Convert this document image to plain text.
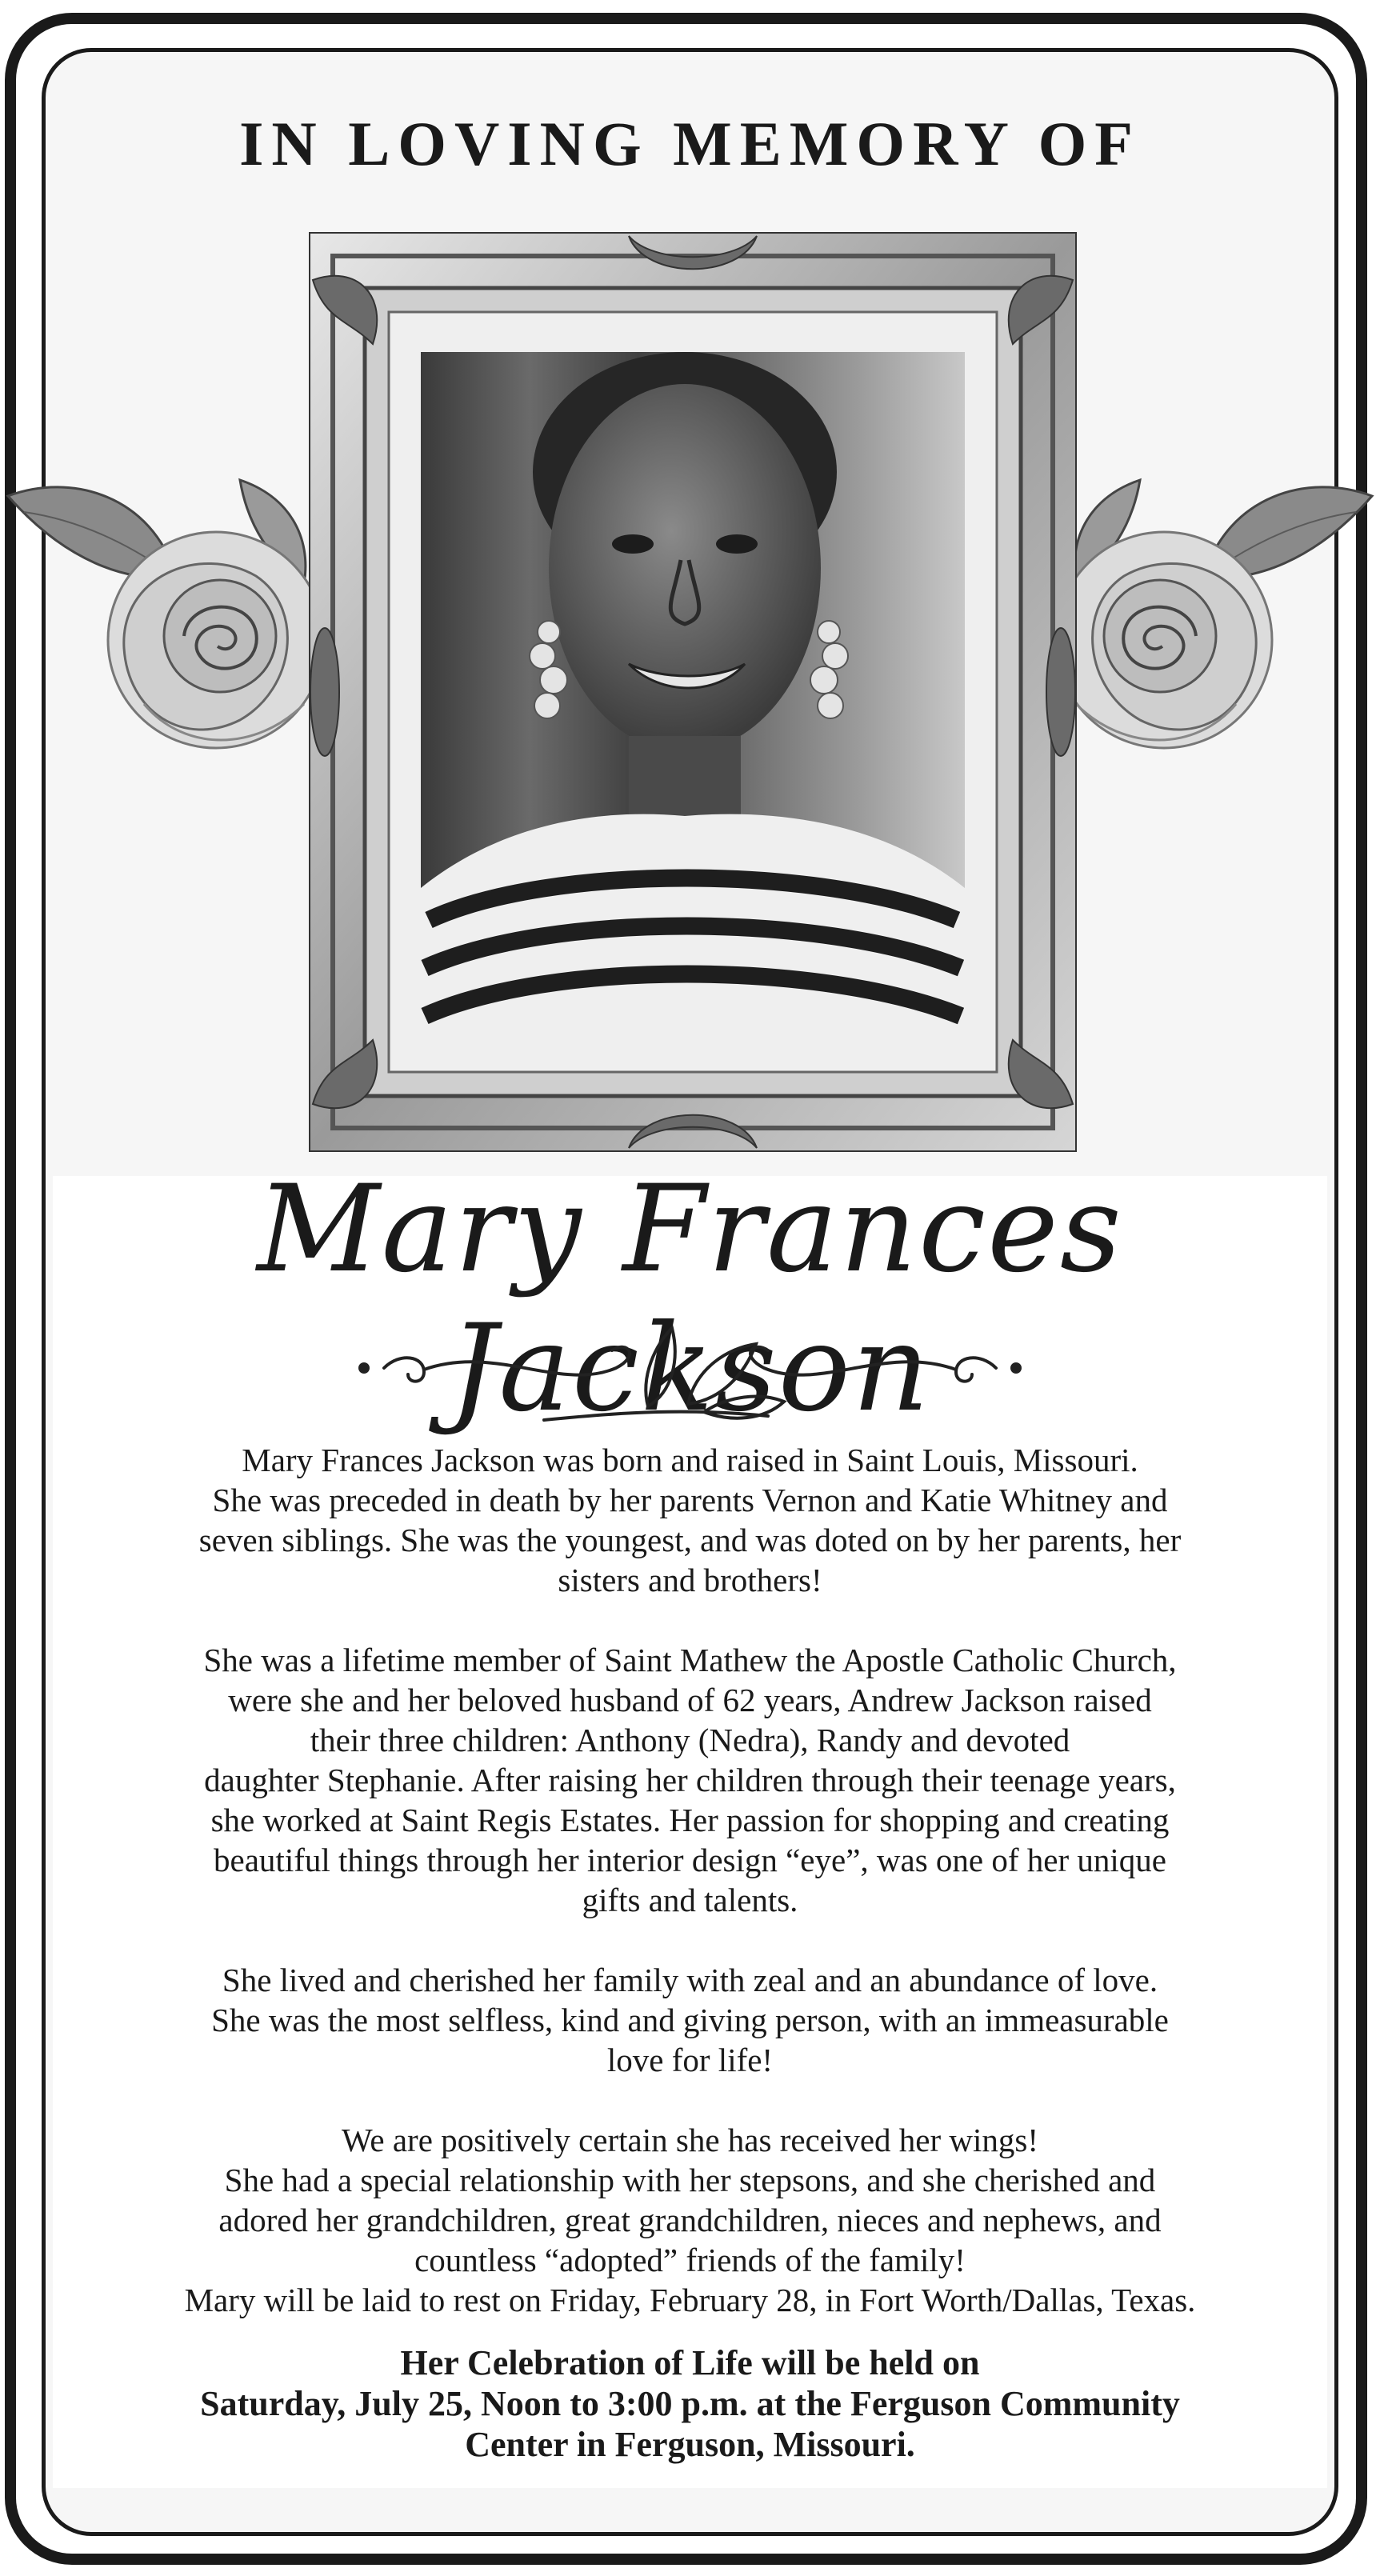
IN LOVING MEMORY OF
Mary Frances Jackson

Mary Frances Jackson was born and raised in Saint Louis, Missouri.
She was preceded in death by her parents Vernon and Katie Whitney and
seven siblings. She was the youngest, and was doted on by her parents, her
sisters and brothers!

She was a lifetime member of Saint Mathew the Apostle Catholic Church,
were she and her beloved husband of 62 years, Andrew Jackson raised
their three children: Anthony (Nedra), Randy and devoted
daughter Stephanie. After raising her children through their teenage years,
she worked at Saint Regis Estates. Her passion for shopping and creating
beautiful things through her interior design “eye”, was one of her unique
gifts and talents.

She lived and cherished her family with zeal and an abundance of love.
She was the most selfless, kind and giving person, with an immeasurable
love for life!

We are positively certain she has received her wings!
She had a special relationship with her stepsons, and she cherished and
adored her grandchildren, great grandchildren, nieces and nephews, and
countless “adopted” friends of the family!
Mary will be laid to rest on Friday, February 28, in Fort Worth/Dallas, Texas.

Her Celebration of Life will be held on
Saturday, July 25, Noon to 3:00 p.m. at the Ferguson Community
Center in Ferguson, Missouri.
